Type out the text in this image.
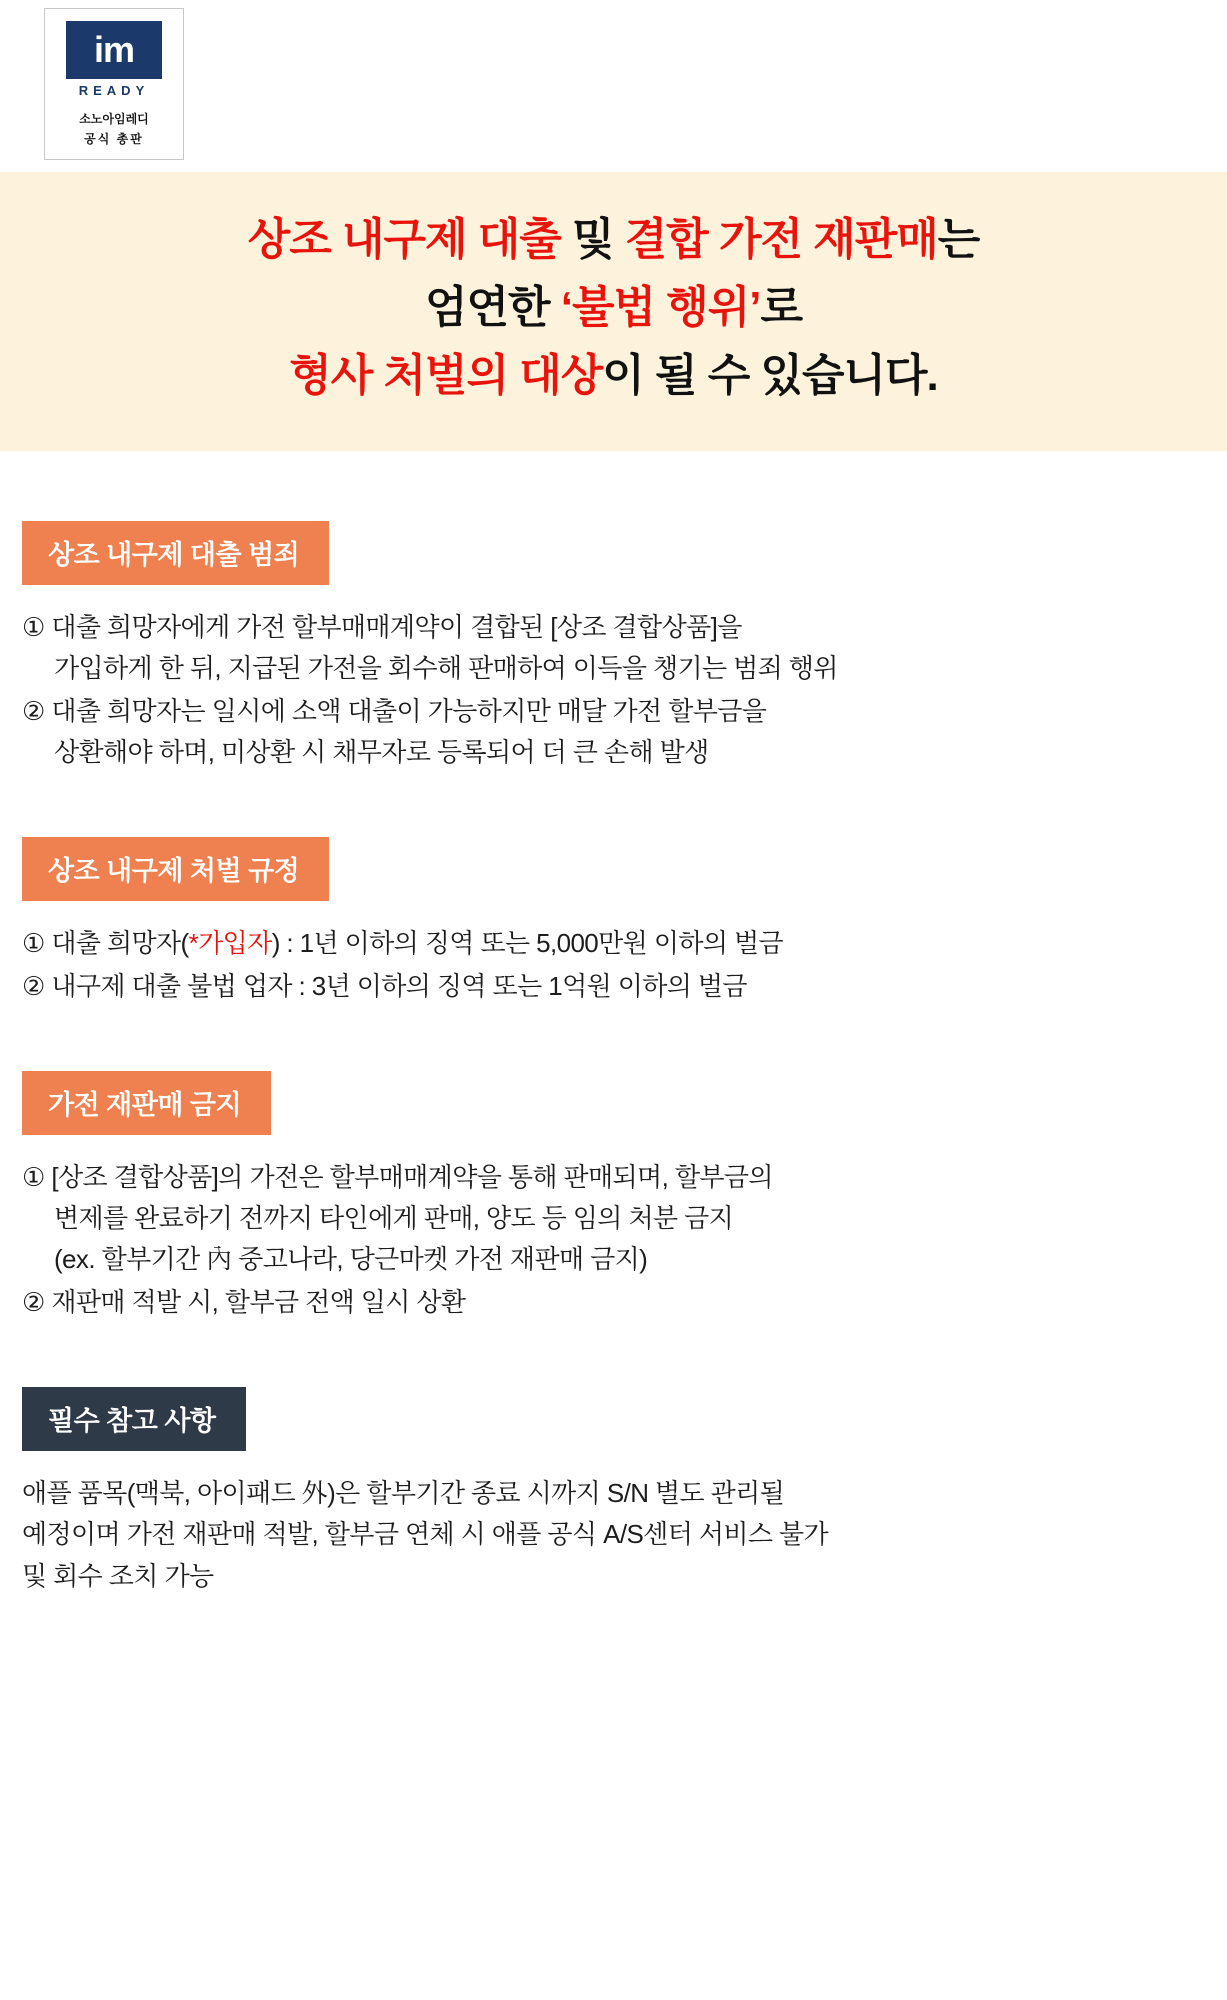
im
READY
소노아임레디
공식 총판
상조 내구제 대출 및 결합 가전 재판매는
엄연한 ‘불법 행위’로
형사 처벌의 대상이 될 수 있습니다.
상조 내구제 대출 범죄
① 대출 희망자에게 가전 할부매매계약이 결합된 [상조 결합상품]을
가입하게 한 뒤, 지급된 가전을 회수해 판매하여 이득을 챙기는 범죄 행위
② 대출 희망자는 일시에 소액 대출이 가능하지만 매달 가전 할부금을
상환해야 하며, 미상환 시 채무자로 등록되어 더 큰 손해 발생
상조 내구제 처벌 규정
① 대출 희망자(*가입자) : 1년 이하의 징역 또는 5,000만원 이하의 벌금
② 내구제 대출 불법 업자 : 3년 이하의 징역 또는 1억원 이하의 벌금
가전 재판매 금지
① [상조 결합상품]의 가전은 할부매매계약을 통해 판매되며, 할부금의
변제를 완료하기 전까지 타인에게 판매, 양도 등 임의 처분 금지
(ex. 할부기간 內 중고나라, 당근마켓 가전 재판매 금지)
② 재판매 적발 시, 할부금 전액 일시 상환
필수 참고 사항
애플 품목(맥북, 아이패드 外)은 할부기간 종료 시까지 S/N 별도 관리될
예정이며 가전 재판매 적발, 할부금 연체 시 애플 공식 A/S센터 서비스 불가
및 회수 조치 가능
